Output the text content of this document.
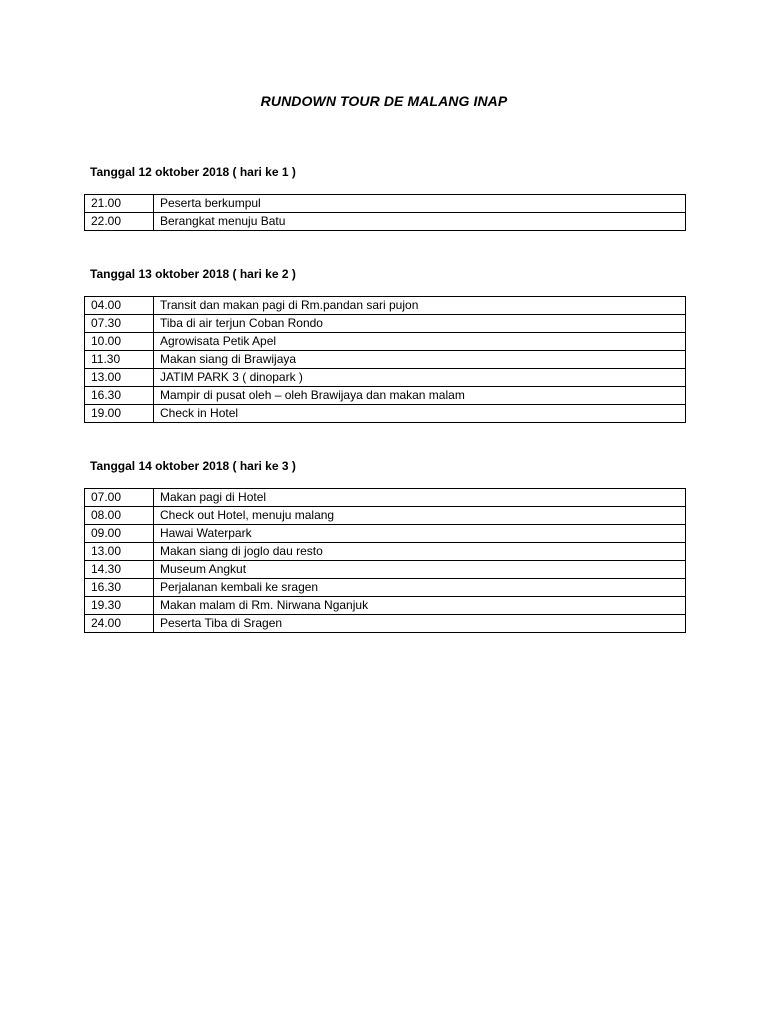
RUNDOWN TOUR DE MALANG INAP
Tanggal 12 oktober 2018 ( hari ke 1 )
21.00	Peserta berkumpul
22.00	Berangkat menuju Batu
Tanggal 13 oktober 2018 ( hari ke 2 )
04.00	Transit dan makan pagi di Rm.pandan sari pujon
07.30	Tiba di air terjun Coban Rondo
10.00	Agrowisata Petik Apel
11.30	Makan siang di Brawijaya
13.00	JATIM PARK 3 ( dinopark )
16.30	Mampir di pusat oleh – oleh Brawijaya dan makan malam
19.00	Check in Hotel
Tanggal 14 oktober 2018 ( hari ke 3 )
07.00	Makan pagi di Hotel
08.00	Check out Hotel, menuju malang
09.00	Hawai Waterpark
13.00	Makan siang di joglo dau resto
14.30	Museum Angkut
16.30	Perjalanan kembali ke sragen
19.30	Makan malam di Rm. Nirwana Nganjuk
24.00	Peserta Tiba di Sragen
